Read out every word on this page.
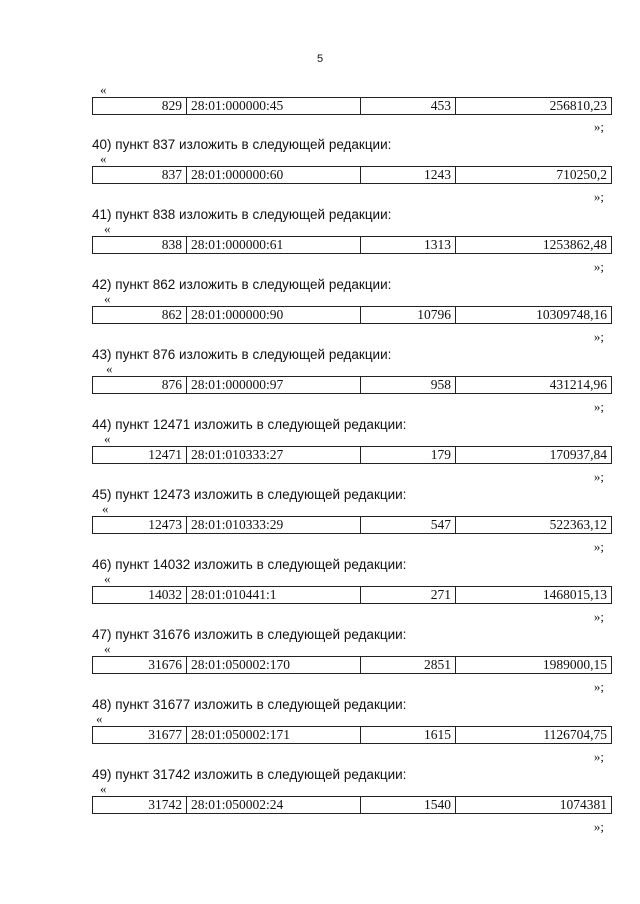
5
«
829	28:01:000000:45	453	256810,23
»;
40) пункт 837 изложить в следующей редакции:
«
837	28:01:000000:60	1243	710250,2
»;
41) пункт 838 изложить в следующей редакции:
«
838	28:01:000000:61	1313	1253862,48
»;
42) пункт 862 изложить в следующей редакции:
«
862	28:01:000000:90	10796	10309748,16
»;
43) пункт 876 изложить в следующей редакции:
«
876	28:01:000000:97	958	431214,96
»;
44) пункт 12471 изложить в следующей редакции:
«
12471	28:01:010333:27	179	170937,84
»;
45) пункт 12473 изложить в следующей редакции:
«
12473	28:01:010333:29	547	522363,12
»;
46) пункт 14032 изложить в следующей редакции:
«
14032	28:01:010441:1	271	1468015,13
»;
47) пункт 31676 изложить в следующей редакции:
«
31676	28:01:050002:170	2851	1989000,15
»;
48) пункт 31677 изложить в следующей редакции:
«
31677	28:01:050002:171	1615	1126704,75
»;
49) пункт 31742 изложить в следующей редакции:
«
31742	28:01:050002:24	1540	1074381
»;
